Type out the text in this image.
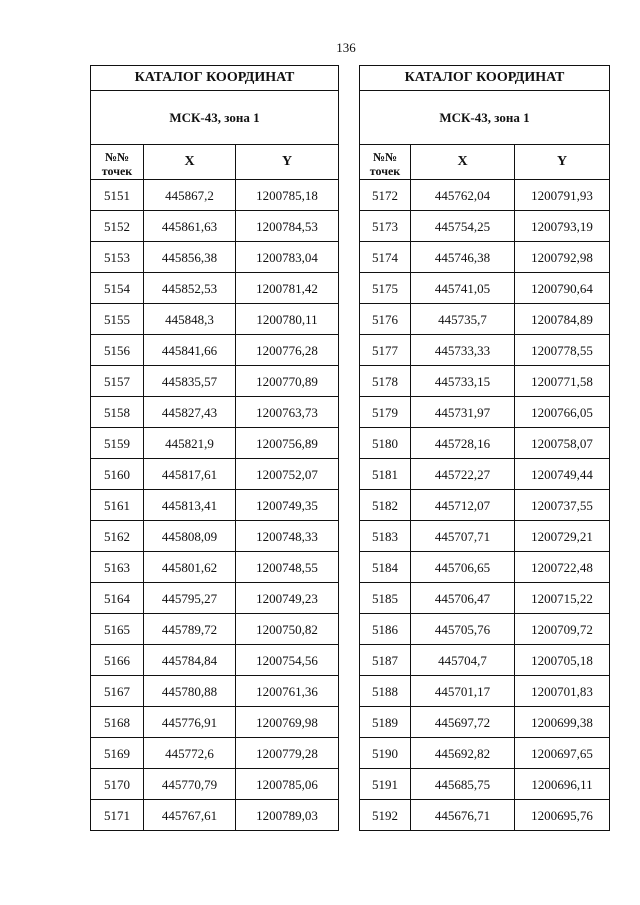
136
КАТАЛОГ КООРДИНАТ		
МСК-43, зона 1		
№№
точек	X	Y
5151	445867,2	1200785,18
5152	445861,63	1200784,53
5153	445856,38	1200783,04
5154	445852,53	1200781,42
5155	445848,3	1200780,11
5156	445841,66	1200776,28
5157	445835,57	1200770,89
5158	445827,43	1200763,73
5159	445821,9	1200756,89
5160	445817,61	1200752,07
5161	445813,41	1200749,35
5162	445808,09	1200748,33
5163	445801,62	1200748,55
5164	445795,27	1200749,23
5165	445789,72	1200750,82
5166	445784,84	1200754,56
5167	445780,88	1200761,36
5168	445776,91	1200769,98
5169	445772,6	1200779,28
5170	445770,79	1200785,06
5171	445767,61	1200789,03
КАТАЛОГ КООРДИНАТ		
МСК-43, зона 1		
№№
точек	X	Y
5172	445762,04	1200791,93
5173	445754,25	1200793,19
5174	445746,38	1200792,98
5175	445741,05	1200790,64
5176	445735,7	1200784,89
5177	445733,33	1200778,55
5178	445733,15	1200771,58
5179	445731,97	1200766,05
5180	445728,16	1200758,07
5181	445722,27	1200749,44
5182	445712,07	1200737,55
5183	445707,71	1200729,21
5184	445706,65	1200722,48
5185	445706,47	1200715,22
5186	445705,76	1200709,72
5187	445704,7	1200705,18
5188	445701,17	1200701,83
5189	445697,72	1200699,38
5190	445692,82	1200697,65
5191	445685,75	1200696,11
5192	445676,71	1200695,76
